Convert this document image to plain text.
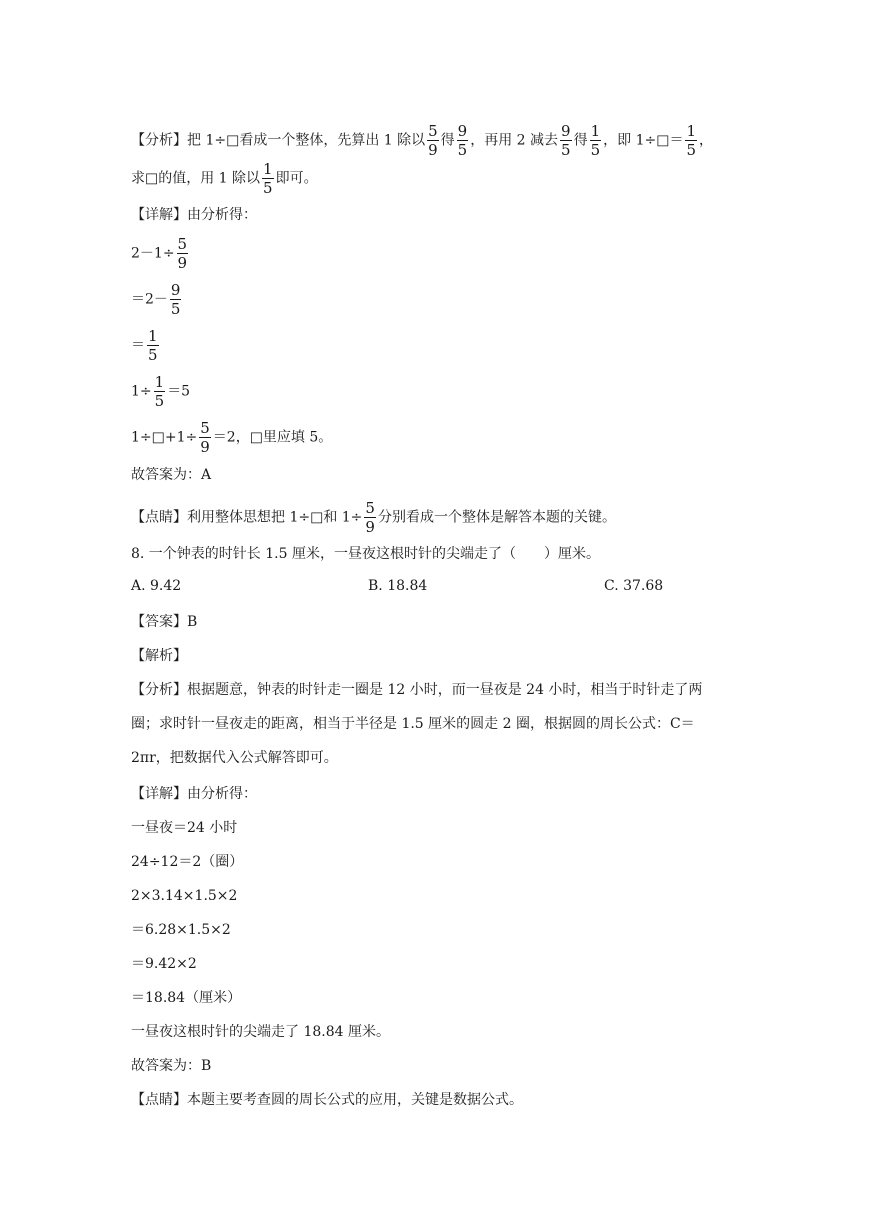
【分析】把 1÷□看成一个整体，先算出 1 除以 $\frac{5}{9}$ 得 $\frac{9}{5}$ ，再用 2 减去 $\frac{9}{5}$ 得 $\frac{1}{5}$ ，即 1÷□＝ $\frac{1}{5}$ ，
求□的值，用 1 除以 $\frac{1}{5}$ 即可。
【详解】由分析得：
$2-1\div \frac{5}{9}$
$=2- \frac{9}{5}$
＝ $\frac{1}{5}$
$1\div \frac{1}{5} =5$
1÷□+1÷ $\frac{5}{9} =2$，□里应填 5。
故答案为：A
【点睛】利用整体思想把 1÷□和 $1\div \frac{5}{9}$ 分别看成一个整体是解答本题的关键。
8. 一个钟表的时针长 1.5 厘米，一昼夜这根时针的尖端走了（　　）厘米。
A. 9.42	B. 18.84	C. 37.68
【答案】B
【解析】
【分析】根据题意，钟表的时针走一圈是 12 小时，而一昼夜是 24 小时，相当于时针走了两
圈；求时针一昼夜走的距离，相当于半径是 1.5 厘米的圆走 2 圈，根据圆的周长公式：C＝
2πr，把数据代入公式解答即可。
【详解】由分析得：
一昼夜＝24 小时
24÷12＝2（圈）
2×3.14×1.5×2
＝6.28×1.5×2
＝9.42×2
＝18.84（厘米）
一昼夜这根时针的尖端走了 18.84 厘米。
故答案为：B
【点睛】本题主要考查圆的周长公式的应用，关键是数据公式。
